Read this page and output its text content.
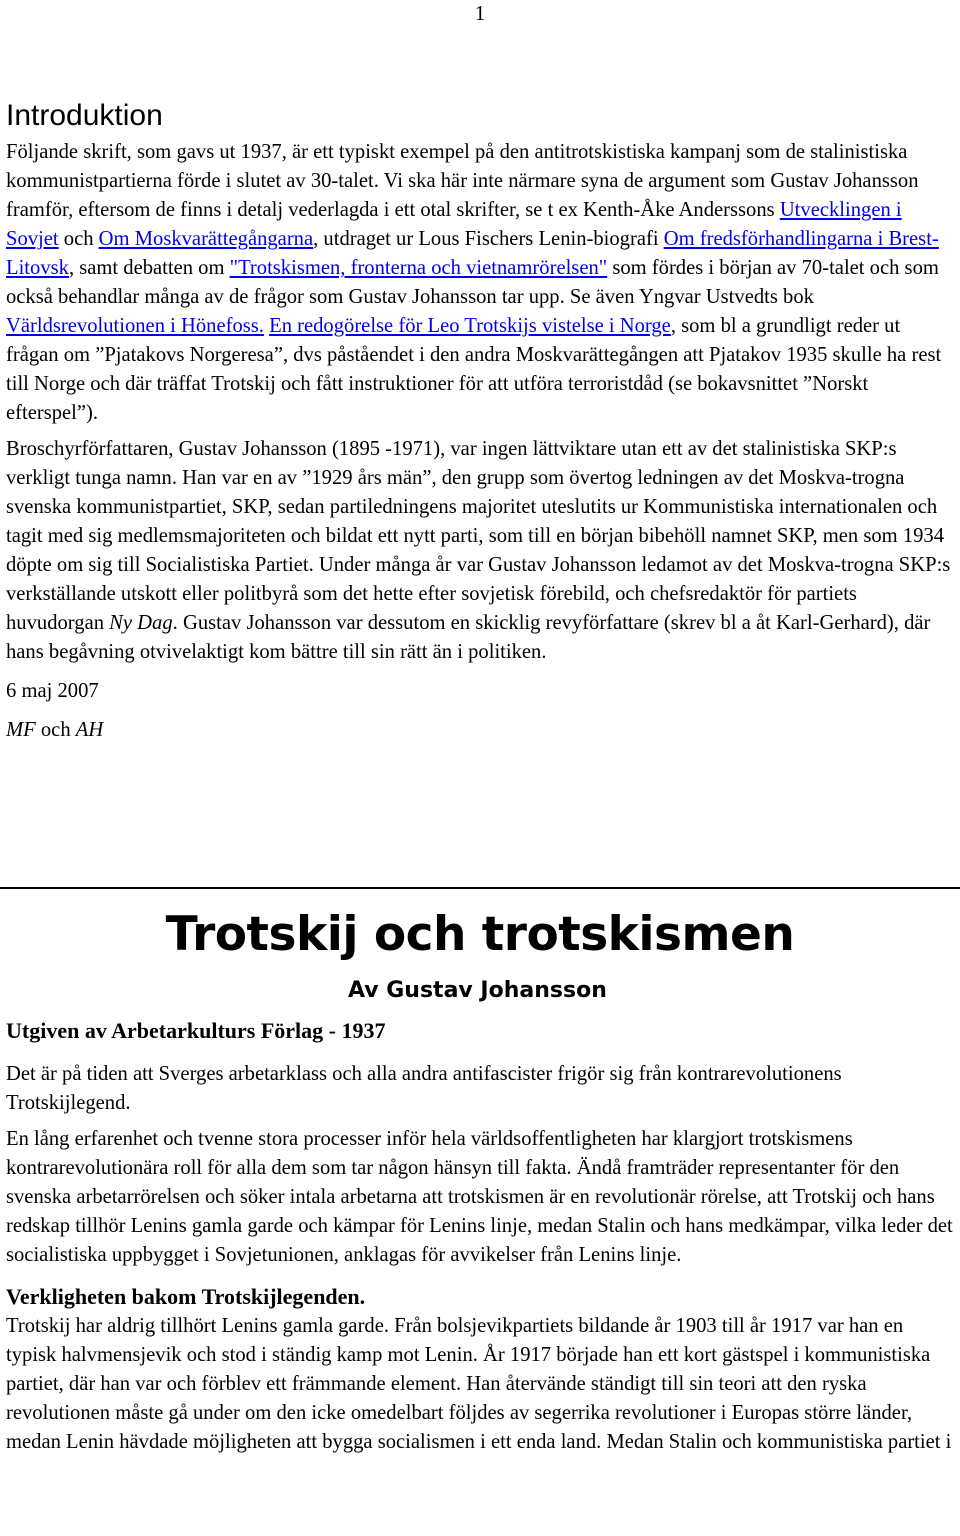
1
Introduktion

Följande skrift, som gavs ut 1937, är ett typiskt exempel på den antitrotskistiska kampanj som de stalinistiska kommunistpartierna förde i slutet av 30-talet. Vi ska här inte närmare syna de argument som Gustav Johansson framför, eftersom de finns i detalj vederlagda i ett otal skrifter, se t ex Kenth-Åke Anderssons Utvecklingen i Sovjet och Om Moskvarättegångarna, utdraget ur Lous Fischers Lenin-biografi Om fredsförhandlingarna i Brest-Litovsk, samt debatten om "Trotskismen, fronterna och vietnamrörelsen" som fördes i början av 70-talet och som också behandlar många av de frågor som Gustav Johansson tar upp. Se även Yngvar Ustvedts bok Världsrevolutionen i Hönefoss. En redogörelse för Leo Trotskijs vistelse i Norge, som bl a grundligt reder ut frågan om ”Pjatakovs Norgeresa”, dvs påståendet i den andra Moskvarättegången att Pjatakov 1935 skulle ha rest till Norge och där träffat Trotskij och fått instruktioner för att utföra terroristdåd (se bokavsnittet ”Norskt efterspel”).

Broschyrförfattaren, Gustav Johansson (1895 -1971), var ingen lättviktare utan ett av det stalinistiska SKP:s verkligt tunga namn. Han var en av ”1929 års män”, den grupp som övertog ledningen av det Moskva-trogna svenska kommunistpartiet, SKP, sedan partiledningens majoritet uteslutits ur Kommunistiska internationalen och tagit med sig medlemsmajoriteten och bildat ett nytt parti, som till en början bibehöll namnet SKP, men som 1934 döpte om sig till Socialistiska Partiet. Under många år var Gustav Johansson ledamot av det Moskva-trogna SKP:s verkställande utskott eller politbyrå som det hette efter sovjetisk förebild, och chefsredaktör för partiets huvudorgan Ny Dag. Gustav Johansson var dessutom en skicklig revyförfattare (skrev bl a åt Karl-Gerhard), där hans begåvning otvivelaktigt kom bättre till sin rätt än i politiken.

6 maj 2007

MF och AH

Trotskij och trotskismen
Av Gustav Johansson
Utgiven av Arbetarkulturs Förlag - 1937

Det är på tiden att Sverges arbetarklass och alla andra antifascister frigör sig från kontrarevolutionens Trotskijlegend.

En lång erfarenhet och tvenne stora processer inför hela världsoffentligheten har klargjort trotskismens kontrarevolutionära roll för alla dem som tar någon hänsyn till fakta. Ändå framträder representanter för den svenska arbetarrörelsen och söker intala arbetarna att trotskismen är en revolutionär rörelse, att Trotskij och hans redskap tillhör Lenins gamla garde och kämpar för Lenins linje, medan Stalin och hans medkämpar, vilka leder det socialistiska uppbygget i Sovjetunionen, anklagas för avvikelser från Lenins linje.

Verkligheten bakom Trotskijlegenden.

Trotskij har aldrig tillhört Lenins gamla garde. Från bolsjevikpartiets bildande år 1903 till år 1917 var han en typisk halvmensjevik och stod i ständig kamp mot Lenin. År 1917 började han ett kort gästspel i kommunistiska partiet, där han var och förblev ett främmande element. Han återvände ständigt till sin teori att den ryska revolutionen måste gå under om den icke omedelbart följdes av segerrika revolutioner i Europas större länder, medan Lenin hävdade möjligheten att bygga socialismen i ett enda land. Medan Stalin och kommunistiska partiet i
